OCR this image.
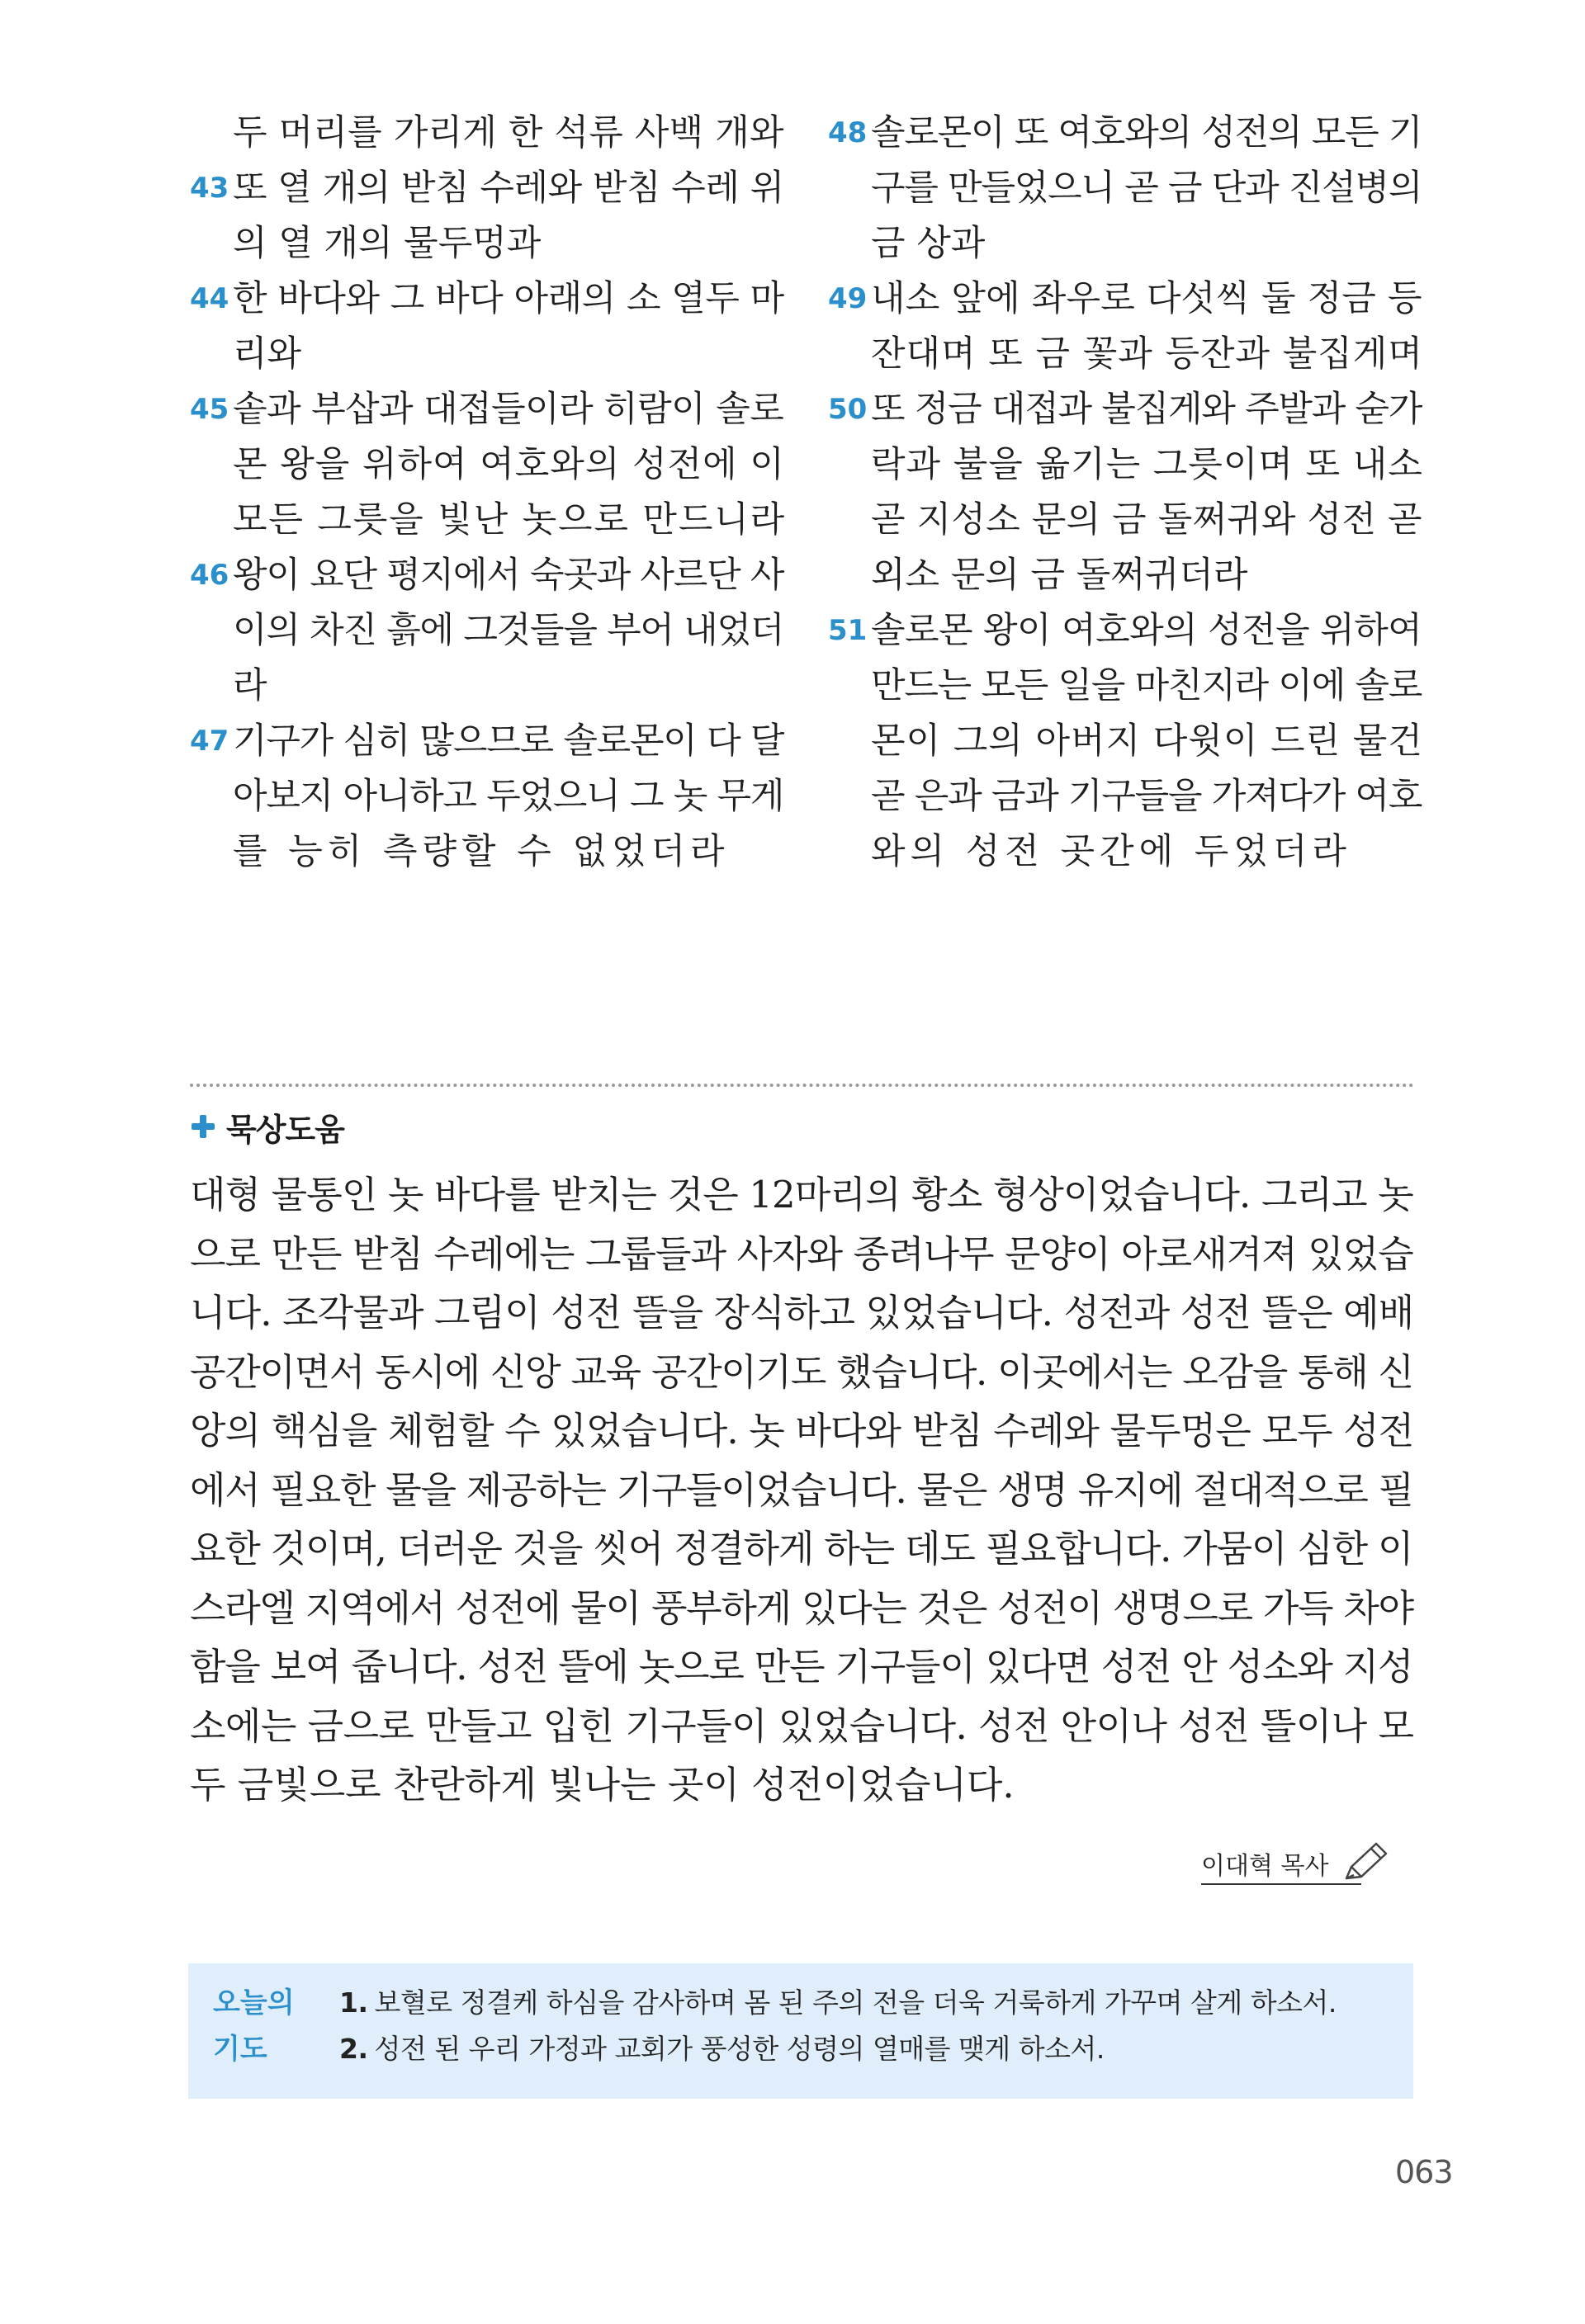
두 머리를 가리게 한 석류 사백 개와
43 또 열 개의 받침 수레와 받침 수레 위
의 열 개의 물두멍과
44 한 바다와 그 바다 아래의 소 열두 마
리와
45 솥과 부삽과 대접들이라 히람이 솔로
몬 왕을 위하여 여호와의 성전에 이
모든 그릇을 빛난 놋으로 만드니라
46 왕이 요단 평지에서 숙곳과 사르단 사
이의 차진 흙에 그것들을 부어 내었더
라
47 기구가 심히 많으므로 솔로몬이 다 달
아보지 아니하고 두었으니 그 놋 무게
를 능히 측량할 수 없었더라
48 솔로몬이 또 여호와의 성전의 모든 기
구를 만들었으니 곧 금 단과 진설병의
금 상과
49 내소 앞에 좌우로 다섯씩 둘 정금 등
잔대며 또 금 꽃과 등잔과 불집게며
50 또 정금 대접과 불집게와 주발과 숟가
락과 불을 옮기는 그릇이며 또 내소
곧 지성소 문의 금 돌쩌귀와 성전 곧
외소 문의 금 돌쩌귀더라
51 솔로몬 왕이 여호와의 성전을 위하여
만드는 모든 일을 마친지라 이에 솔로
몬이 그의 아버지 다윗이 드린 물건
곧 은과 금과 기구들을 가져다가 여호
와의 성전 곳간에 두었더라
묵상도움
대형 물통인 놋 바다를 받치는 것은 12마리의 황소 형상이었습니다. 그리고 놋
으로 만든 받침 수레에는 그룹들과 사자와 종려나무 문양이 아로새겨져 있었습
니다. 조각물과 그림이 성전 뜰을 장식하고 있었습니다. 성전과 성전 뜰은 예배
공간이면서 동시에 신앙 교육 공간이기도 했습니다. 이곳에서는 오감을 통해 신
앙의 핵심을 체험할 수 있었습니다. 놋 바다와 받침 수레와 물두멍은 모두 성전
에서 필요한 물을 제공하는 기구들이었습니다. 물은 생명 유지에 절대적으로 필
요한 것이며, 더러운 것을 씻어 정결하게 하는 데도 필요합니다. 가뭄이 심한 이
스라엘 지역에서 성전에 물이 풍부하게 있다는 것은 성전이 생명으로 가득 차야
함을 보여 줍니다. 성전 뜰에 놋으로 만든 기구들이 있다면 성전 안 성소와 지성
소에는 금으로 만들고 입힌 기구들이 있었습니다. 성전 안이나 성전 뜰이나 모
두 금빛으로 찬란하게 빛나는 곳이 성전이었습니다.
이대혁 목사
오늘의
기도
1. 보혈로 정결케 하심을 감사하며 몸 된 주의 전을 더욱 거룩하게 가꾸며 살게 하소서.
2. 성전 된 우리 가정과 교회가 풍성한 성령의 열매를 맺게 하소서.
063
